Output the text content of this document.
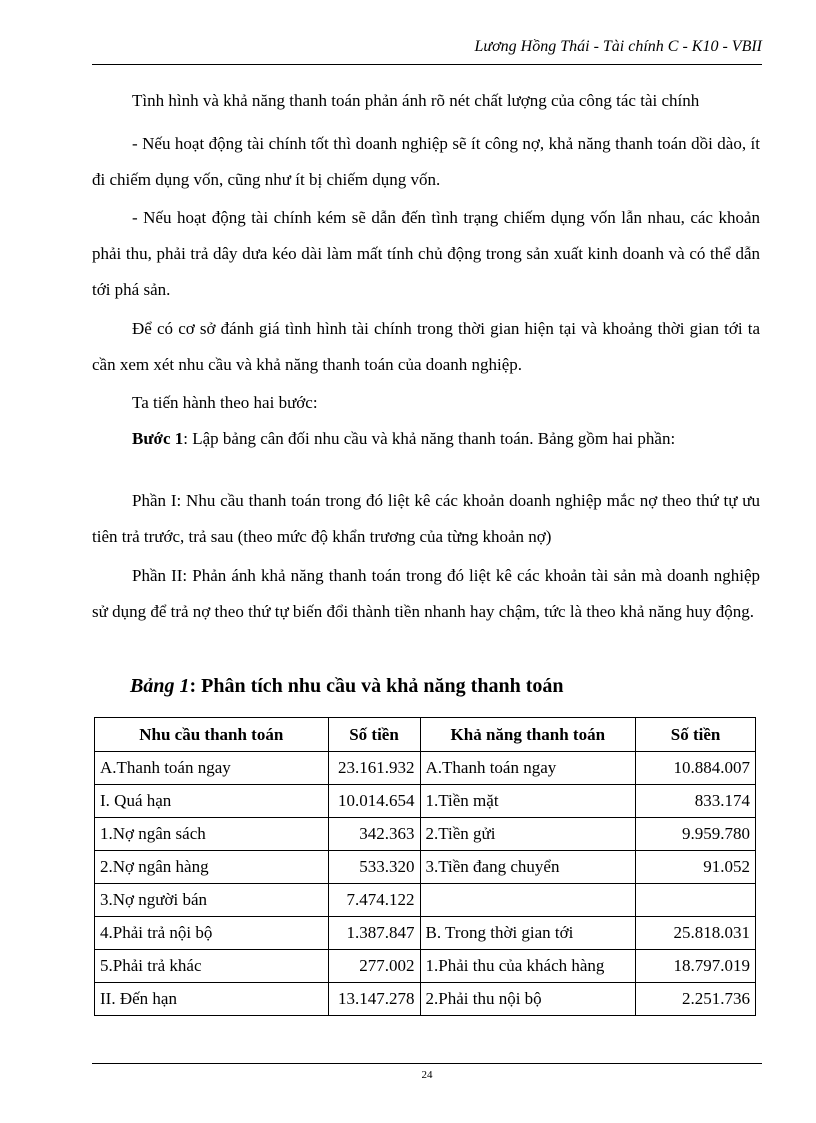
Lương Hồng Thái - Tài chính C - K10 - VBII
Tình hình và khả năng thanh toán phản ánh rõ nét chất lượng của công tác tài chính
- Nếu hoạt động tài chính tốt thì doanh nghiệp sẽ ít công nợ, khả năng thanh toán dồi dào, ít đi chiếm dụng vốn, cũng như ít bị chiếm dụng vốn.
- Nếu hoạt động tài chính kém sẽ dẫn đến tình trạng chiếm dụng vốn lẫn nhau, các khoản phải thu, phải trả dây dưa kéo dài làm mất tính chủ động trong sản xuất kinh doanh và có thể dẫn tới phá sản.
Để có cơ sở đánh giá tình hình tài chính trong thời gian hiện tại và khoảng thời gian tới ta cần xem xét nhu cầu và khả năng thanh toán của doanh nghiệp.
Ta tiến hành theo hai bước:
Bước 1: Lập bảng cân đối nhu cầu và khả năng thanh toán. Bảng gồm hai phần:
Phần I: Nhu cầu thanh toán trong đó liệt kê các khoản doanh nghiệp mắc nợ theo thứ tự ưu tiên trả trước, trả sau (theo mức độ khẩn trương của từng khoản nợ)
Phần II: Phản ánh khả năng thanh toán trong đó liệt kê các khoản tài sản mà doanh nghiệp sử dụng để trả nợ theo thứ tự biến đổi thành tiền nhanh hay chậm, tức là theo khả năng huy động.
Bảng 1: Phân tích nhu cầu và khả năng thanh toán
Nhu cầu thanh toán	Số tiền	Khả năng thanh toán	Số tiền
A.Thanh toán ngay	23.161.932	A.Thanh toán ngay	10.884.007
I. Quá hạn	10.014.654	1.Tiền mặt	833.174
1.Nợ ngân sách	342.363	2.Tiền gửi	9.959.780
2.Nợ ngân hàng	533.320	3.Tiền đang chuyển	91.052
3.Nợ người bán	7.474.122		
4.Phải trả nội bộ	1.387.847	B. Trong thời gian tới	25.818.031
5.Phải trả khác	277.002	1.Phải thu của khách hàng	18.797.019
II. Đến hạn	13.147.278	2.Phải thu nội bộ	2.251.736
24
